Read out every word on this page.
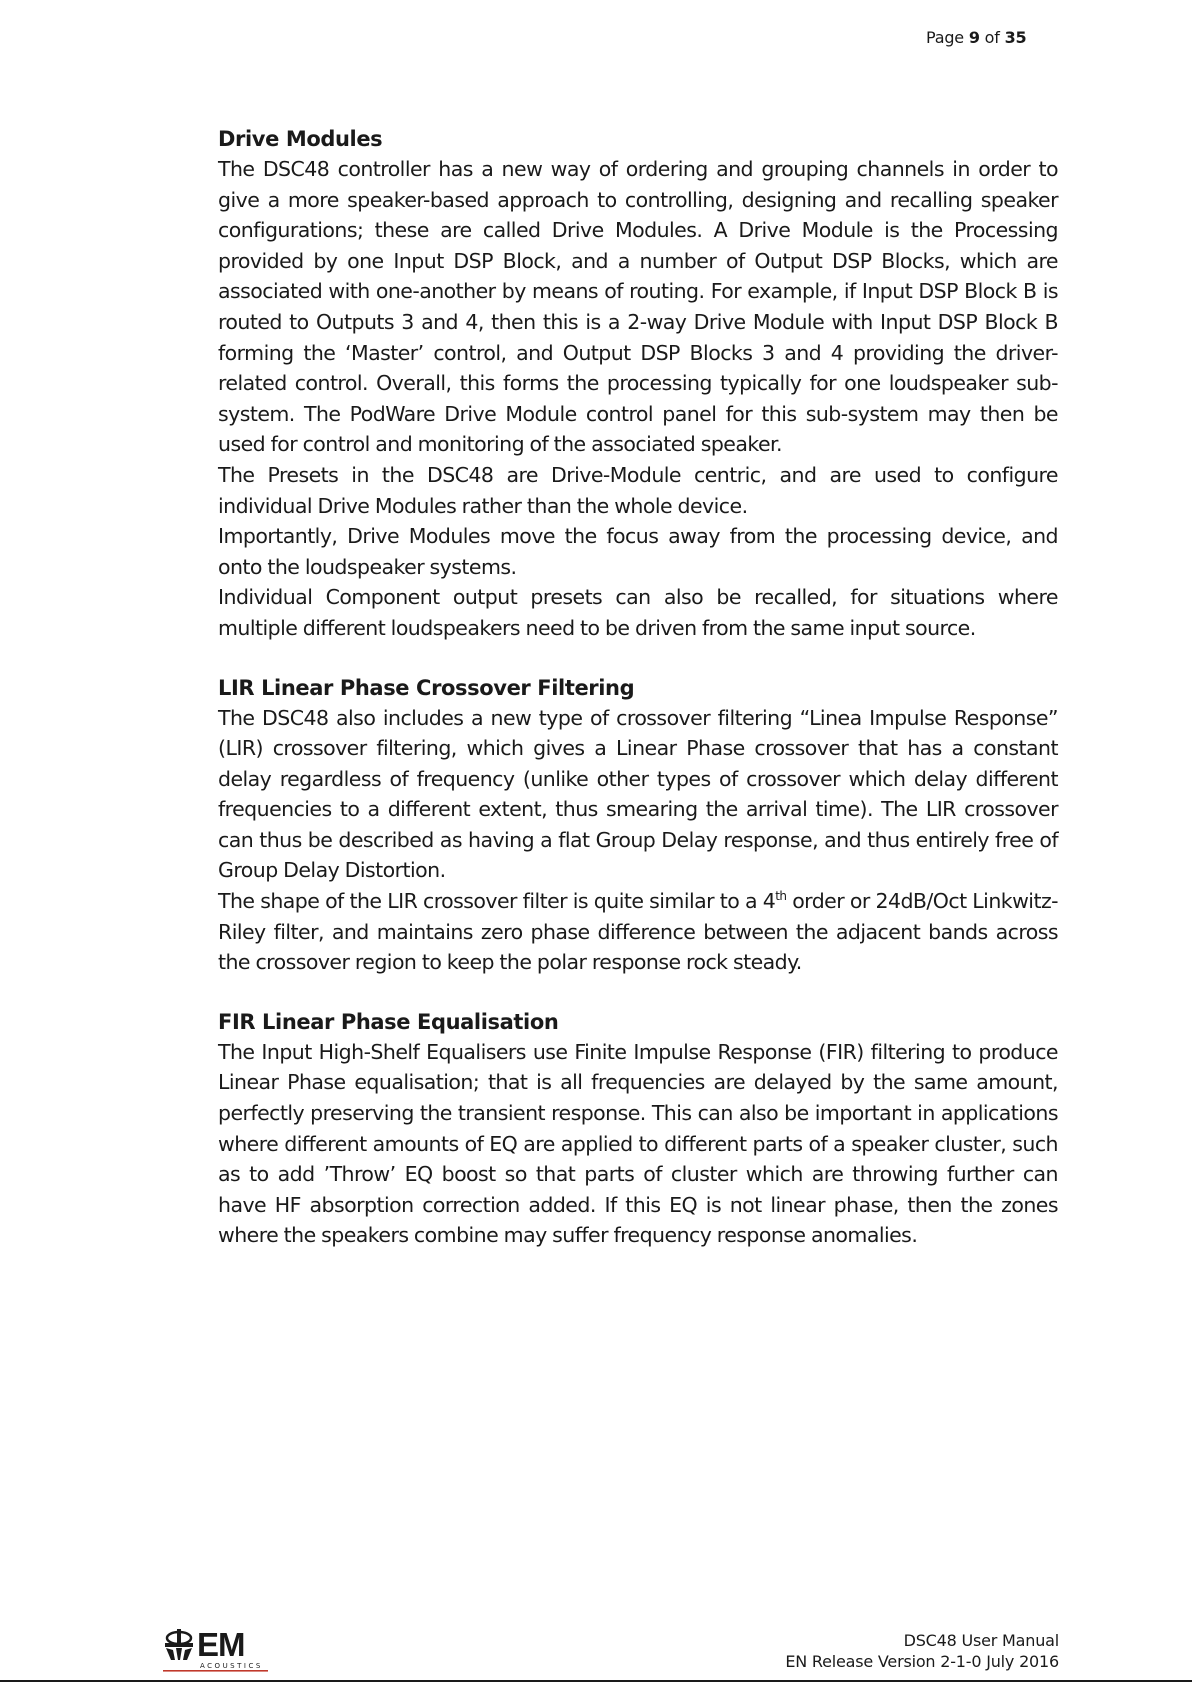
Page 9 of 35
Drive Modules

The DSC48 controller has a new way of ordering and grouping channels in order to give a more speaker-based approach to controlling, designing and recalling speaker configurations; these are called Drive Modules. A Drive Module is the Processing provided by one Input DSP Block, and a number of Output DSP Blocks, which are associated with one-another by means of routing. For example, if Input DSP Block B is routed to Outputs 3 and 4, then this is a 2-way Drive Module with Input DSP Block B forming the ‘Master’ control, and Output DSP Blocks 3 and 4 providing the driver-related control. Overall, this forms the processing typically for one loudspeaker sub-system. The PodWare Drive Module control panel for this sub-system may then be used for control and monitoring of the associated speaker.

The Presets in the DSC48 are Drive-Module centric, and are used to configure individual Drive Modules rather than the whole device.

Importantly, Drive Modules move the focus away from the processing device, and onto the loudspeaker systems.

Individual Component output presets can also be recalled, for situations where multiple different loudspeakers need to be driven from the same input source.

LIR Linear Phase Crossover Filtering

The DSC48 also includes a new type of crossover filtering “Linea Impulse Response” (LIR) crossover filtering, which gives a Linear Phase crossover that has a constant delay regardless of frequency (unlike other types of crossover which delay different frequencies to a different extent, thus smearing the arrival time). The LIR crossover can thus be described as having a flat Group Delay response, and thus entirely free of Group Delay Distortion.

The shape of the LIR crossover filter is quite similar to a 4th order or 24dB/Oct Linkwitz-Riley filter, and maintains zero phase difference between the adjacent bands across the crossover region to keep the polar response rock steady.

FIR Linear Phase Equalisation

The Input High-Shelf Equalisers use Finite Impulse Response (FIR) filtering to produce Linear Phase equalisation; that is all frequencies are delayed by the same amount, perfectly preserving the transient response. This can also be important in applications where different amounts of EQ are applied to different parts of a speaker cluster, such as to add ’Throw’ EQ boost so that parts of cluster which are throwing further can have HF absorption correction added. If this EQ is not linear phase, then the zones where the speakers combine may suffer frequency response anomalies.

EM
ACOUSTICS
DSC48 User Manual
EN Release Version 2-1-0 July 2016
